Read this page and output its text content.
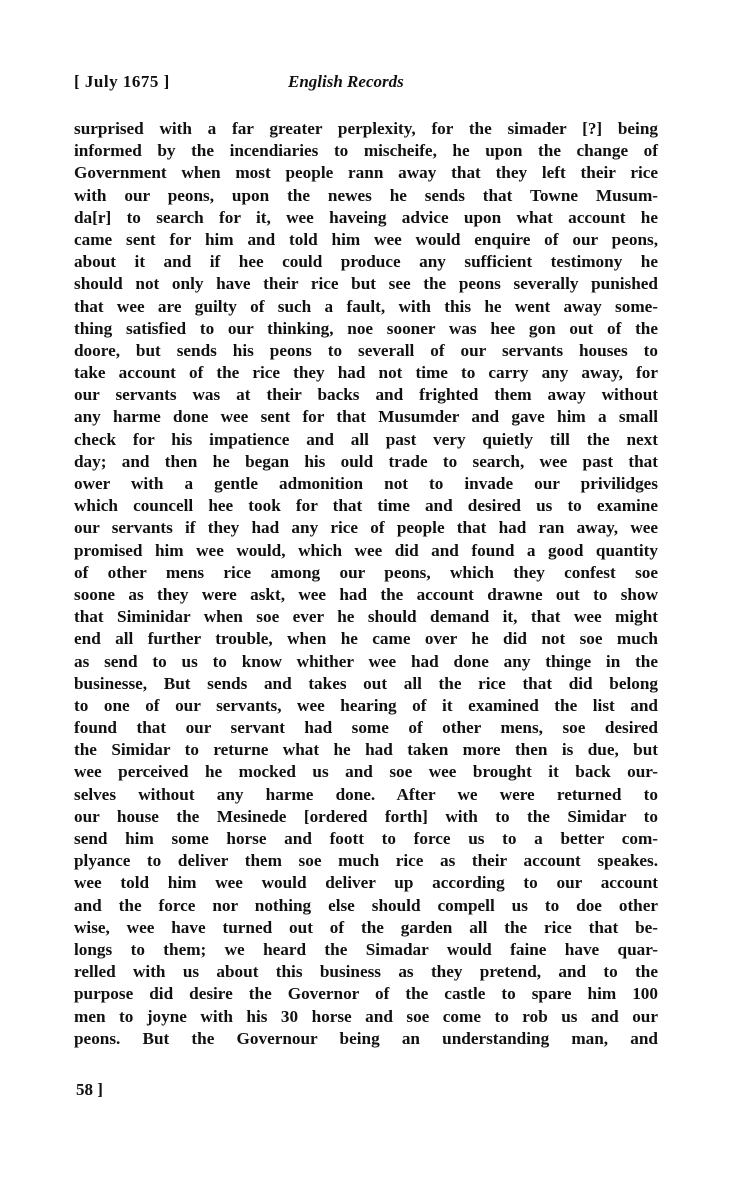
[ July 1675 ]	English Records
surprised with a far greater perplexity, for the simader [?] being
informed by the incendiaries to mischeife, he upon the change of
Government when most people rann away that they left their rice
with our peons, upon the newes he sends that Towne Musum-
da[r] to search for it, wee haveing advice upon what account he
came sent for him and told him wee would enquire of our peons,
about it and if hee could produce any sufficient testimony he
should not only have their rice but see the peons severally punished
that wee are guilty of such a fault, with this he went away some-
thing satisfied to our thinking, noe sooner was hee gon out of the
doore, but sends his peons to severall of our servants houses to
take account of the rice they had not time to carry any away, for
our servants was at their backs and frighted them away without
any harme done wee sent for that Musumder and gave him a small
check for his impatience and all past very quietly till the next
day; and then he began his ould trade to search, wee past that
ower with a gentle admonition not to invade our privilidges
which councell hee took for that time and desired us to examine
our servants if they had any rice of people that had ran away, wee
promised him wee would, which wee did and found a good quantity
of other mens rice among our peons, which they confest soe
soone as they were askt, wee had the account drawne out to show
that Siminidar when soe ever he should demand it, that wee might
end all further trouble, when he came over he did not soe much
as send to us to know whither wee had done any thinge in the
businesse, But sends and takes out all the rice that did belong
to one of our servants, wee hearing of it examined the list and
found that our servant had some of other mens, soe desired
the Simidar to returne what he had taken more then is due, but
wee perceived he mocked us and soe wee brought it back our-
selves without any harme done. After we were returned to
our house the Mesinede [ordered forth] with to the Simidar to
send him some horse and foott to force us to a better com-
plyance to deliver them soe much rice as their account speakes.
wee told him wee would deliver up according to our account
and the force nor nothing else should compell us to doe other
wise, wee have turned out of the garden all the rice that be-
longs to them; we heard the Simadar would faine have quar-
relled with us about this business as they pretend, and to the
purpose did desire the Governor of the castle to spare him 100
men to joyne with his 30 horse and soe come to rob us and our
peons. But the Governour being an understanding man, and
58 ]
